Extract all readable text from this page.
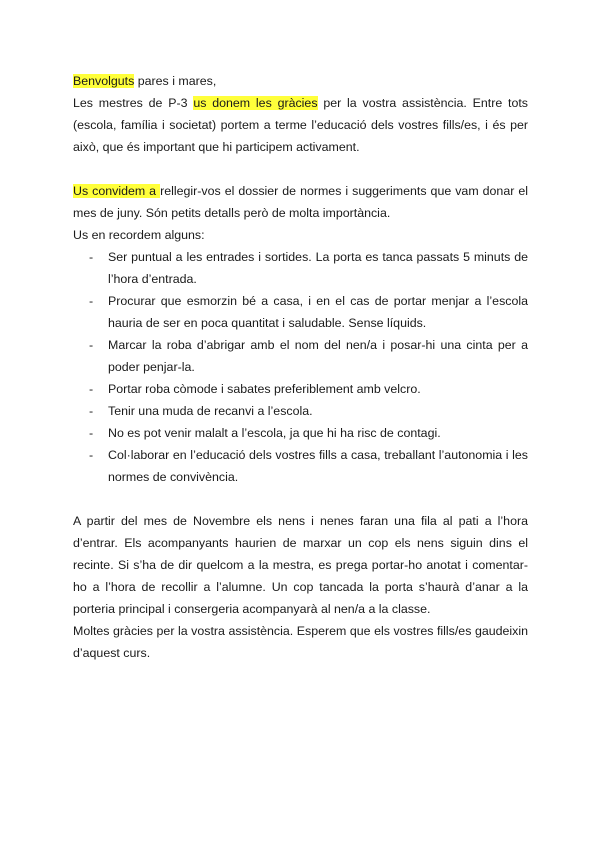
Benvolguts pares i mares,

Les mestres de P-3 us donem les gràcies per la vostra assistència. Entre tots (escola, família i societat) portem a terme l’educació dels vostres fills/es, i és per això, que és important que hi participem activament.

Us convidem a rellegir-vos el dossier de normes i suggeriments que vam donar el mes de juny. Són petits detalls però de molta importància.

Us en recordem alguns:

- Ser puntual a les entrades i sortides. La porta es tanca passats 5 minuts de l’hora d’entrada.
- Procurar que esmorzin bé a casa, i en el cas de portar menjar a l’escola hauria de ser en poca quantitat i saludable. Sense líquids.
- Marcar la roba d’abrigar amb el nom del nen/a i posar-hi una cinta per a poder penjar-la.
- Portar roba còmode i sabates preferiblement amb velcro.
- Tenir una muda de recanvi a l’escola.
- No es pot venir malalt a l’escola, ja que hi ha risc de contagi.
- Col·laborar en l’educació dels vostres fills a casa, treballant l’autonomia i les normes de convivència.

A partir del mes de Novembre els nens i nenes faran una fila al pati a l’hora d’entrar. Els acompanyants haurien de marxar un cop els nens siguin dins el recinte. Si s’ha de dir quelcom a la mestra, es prega portar-ho anotat i comentar-ho a l’hora de recollir a l’alumne. Un cop tancada la porta s’haurà d’anar a la porteria principal i consergeria acompanyarà al nen/a a la classe.

Moltes gràcies per la vostra assistència. Esperem que els vostres fills/es gaudeixin d’aquest curs.
